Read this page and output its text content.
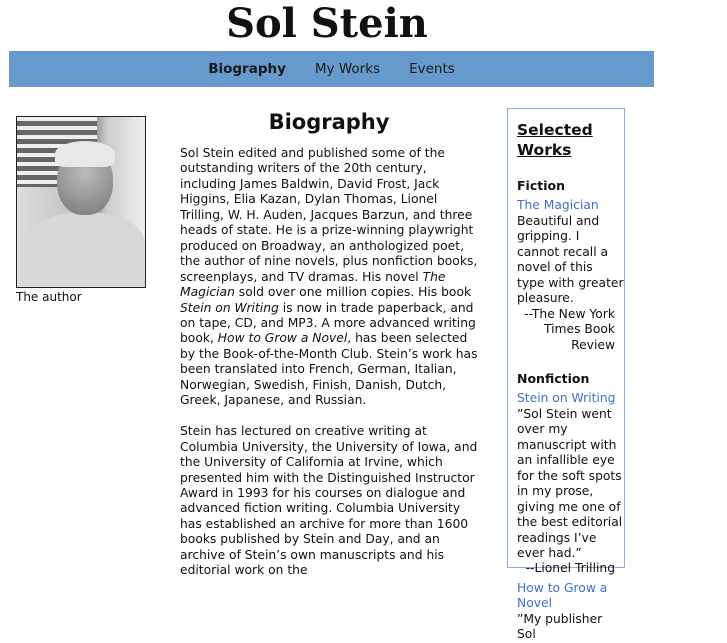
Sol Stein
Biography My Works Events
The author
Biography

Sol Stein edited and published some of the outstanding writers of the 20th century, including James Baldwin, David Frost, Jack Higgins, Elia Kazan, Dylan Thomas, Lionel Trilling, W. H. Auden, Jacques Barzun, and three heads of state. He is a prize-winning playwright produced on Broadway, an anthologized poet, the author of nine novels, plus nonfiction books, screenplays, and TV dramas. His novel The Magician sold over one million copies. His book Stein on Writing is now in trade paperback, and on tape, CD, and MP3. A more advanced writing book, How to Grow a Novel, has been selected by the Book-of-the-Month Club. Stein’s work has been translated into French, German, Italian, Norwegian, Swedish, Finish, Danish, Dutch, Greek, Japanese, and Russian.

Stein has lectured on creative writing at Columbia University, the University of Iowa, and the University of California at Irvine, which presented him with the Distinguished Instructor Award in 1993 for his courses on dialogue and advanced fiction writing. Columbia University has established an archive for more than 1600 books published by Stein and Day, and an archive of Stein’s own manuscripts and his editorial work on the

Selected Works
Fiction
The Magician

Beautiful and gripping. I cannot recall a novel of this type with greater pleasure.

--The New York Times Book Review

Nonfiction
Stein on Writing

”Sol Stein went over my manuscript with an infallible eye for the soft spots in my prose, giving me one of the best editorial readings I’ve ever had.”

--Lionel Trilling

How to Grow a Novel

”My publisher Sol
